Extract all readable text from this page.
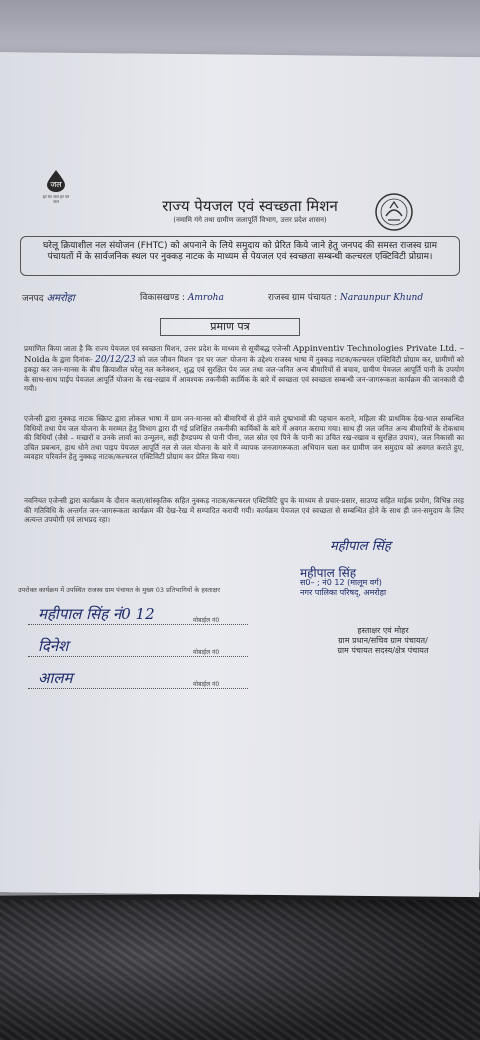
जल
हर घर जल हर घर जल	राज्य पेयजल एवं स्वच्छता मिशन
(नमामि गंगे तथा ग्रामीण जलापूर्ति विभाग, उत्तर प्रदेश शासन)
घरेलू क्रियाशील नल संयोजन (FHTC) को अपनाने के लिये समुदाय को प्रेरित किये जाने हेतु जनपद की समस्त राजस्व ग्राम पंचायतों में के सार्वजनिक स्थल पर नुक्कड़ नाटक के माध्यम से पेयजल एवं स्वच्छता सम्बन्धी कल्चरल एक्टिविटी प्रोग्राम।
जनपद अमरोहा	विकासखण्ड : Amroha	राजस्व ग्राम पंचायत : Naraunpur Khund
प्रमाण पत्र
प्रमाणित किया जाता है कि राज्य पेयजल एवं स्वच्छता मिशन, उत्तर प्रदेश के माध्यम से सूचीबद्ध एजेन्सी Appinventiv Technologies Private Ltd. – Noida के द्वारा दिनांक- 20/12/23 को जल जीवन मिशन 'हर घर जल' योजना के उद्देश्य राजस्व भाषा में नुक्कड़ नाटक/कल्चरल एक्टिविटी प्रोग्राम कर, ग्रामीणों को इकट्ठा कर जन-मानस के बीच क्रियाशील घरेलू नल कनेक्शन, शुद्ध एवं सुरक्षित पेय जल तथा जल-जनित अन्य बीमारियों से बचाव, ग्रामीण पेयजल आपूर्ति पानी के उपयोग के साथ-साथ पाईप पेयजल आपूर्ति योजना के रख-रखाव में आवश्यक तकनीकी कार्मिक के बारे में स्वच्छता एवं स्वच्छता सम्बन्धी जन-जागरूकता कार्यक्रम की जानकारी दी गयी।
एजेन्सी द्वारा नुक्कड़ नाटक स्क्रिप्ट द्वारा लोकल भाषा में ग्राम जन-मानस को बीमारियों से होने वाले दुष्प्रभावों की पहचान कराने, महिला की प्राथमिक देख-भाल सम्बन्धित विधियों तथा पेय जल योजना के मरम्मत हेतु विभाग द्वारा दी गई प्रशिक्षित तकनीकी कार्मिकों के बारे में अवगत कराया गया। साथ ही जल जनित अन्य बीमारियों के रोकथाम की विधियाँ (जैसे – मच्छरों व उनके लार्वा का उन्मूलन, सही हैण्डपम्प से पानी पीना, जल स्रोत एवं पिने के पानी का उचित रख-रखाव व सुरक्षित उपाय), जल निकासी का उचित प्रबन्धन, हाथ धोने तथा पाइप पेयजल आपूर्ति नल से जल योजना के बारे में व्यापक जनजागरूकता अभियान चला कर ग्रामीण जन समुदाय को अवगत कराते हुए, व्यवहार परिवर्तन हेतु नुक्कड़ नाटक/कल्चरल एक्टिविटी प्रोग्राम कर प्रेरित किया गया।
नवनियत एजेन्सी द्वारा कार्यक्रम के दौरान कला/सांस्कृतिक सहित नुक्कड़ नाटक/कल्चरल एक्टिविटि ग्रुप के माध्यम से प्रचार-प्रसार, साउण्ड सहित माईक प्रयोग, विभिन्न तरह की गतिविधि के अन्तर्गत जन-जागरूकता कार्यक्रम की देख-रेख में सम्पादित करायी गयी। कार्यक्रम पेयजल एवं स्वच्छता से सम्बन्धित होने के साथ ही जन-समुदाय के लिए अत्यन्त उपयोगी एवं लाभप्रद रहा।
महीपाल सिंह
महीपाल सिंह
स0– ; नं0 12 (मालूम वर्ग)
नगर पालिका परिषद्, अमरोहा
उपरोक्त कार्यक्रम में उपस्थित राजस्व ग्राम पंचायत के मुख्य 03 प्रतिभागियों के हस्ताक्षर
महीपाल सिंह नं0 12	मोबाईल नं0
दिनेश	मोबाईल नं0
आलम	मोबाईल नं0
हस्ताक्षर एवं मोहर
ग्राम प्रधान/सचिव ग्राम पंचायत/
ग्राम पंचायत सदस्य/क्षेत्र पंचायत
